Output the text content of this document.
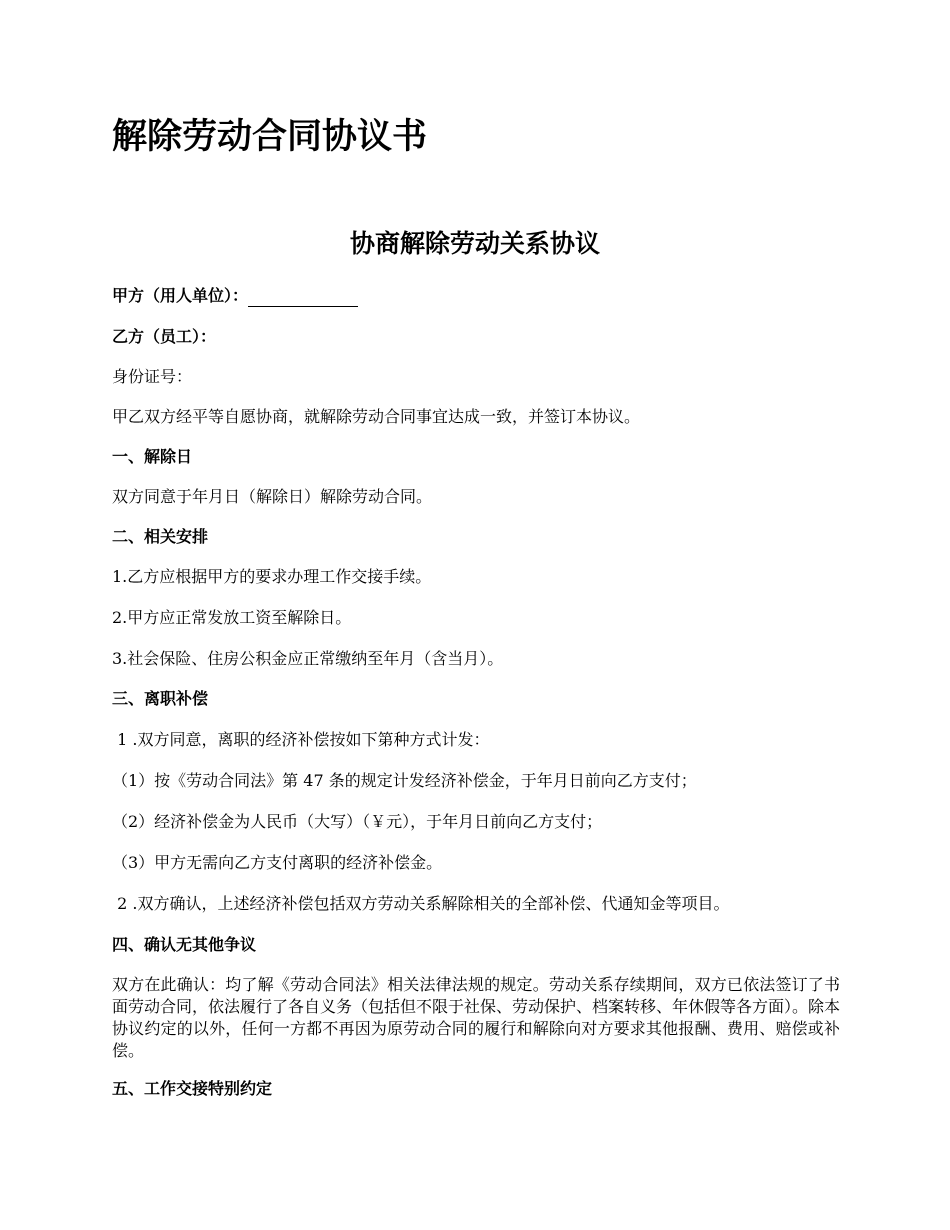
解除劳动合同协议书
协商解除劳动关系协议

甲方（用人单位）：

乙方（员工）：

身份证号：

甲乙双方经平等自愿协商，就解除劳动合同事宜达成一致，并签订本协议。

一、解除日

双方同意于年月日（解除日）解除劳动合同。

二、相关安排

1.乙方应根据甲方的要求办理工作交接手续。

2.甲方应正常发放工资至解除日。

3.社会保险、住房公积金应正常缴纳至年月（含当月）。

三、离职补偿

1 .双方同意，离职的经济补偿按如下第种方式计发：

（1）按《劳动合同法》第 47 条的规定计发经济补偿金，于年月日前向乙方支付；

（2）经济补偿金为人民币（大写）（￥元），于年月日前向乙方支付；

（3）甲方无需向乙方支付离职的经济补偿金。

2 .双方确认，上述经济补偿包括双方劳动关系解除相关的全部补偿、代通知金等项目。

四、确认无其他争议

双方在此确认：均了解《劳动合同法》相关法律法规的规定。劳动关系存续期间，双方已依法签订了书面劳动合同，依法履行了各自义务（包括但不限于社保、劳动保护、档案转移、年休假等各方面）。除本协议约定的以外，任何一方都不再因为原劳动合同的履行和解除向对方要求其他报酬、费用、赔偿或补偿。

五、工作交接特别约定
